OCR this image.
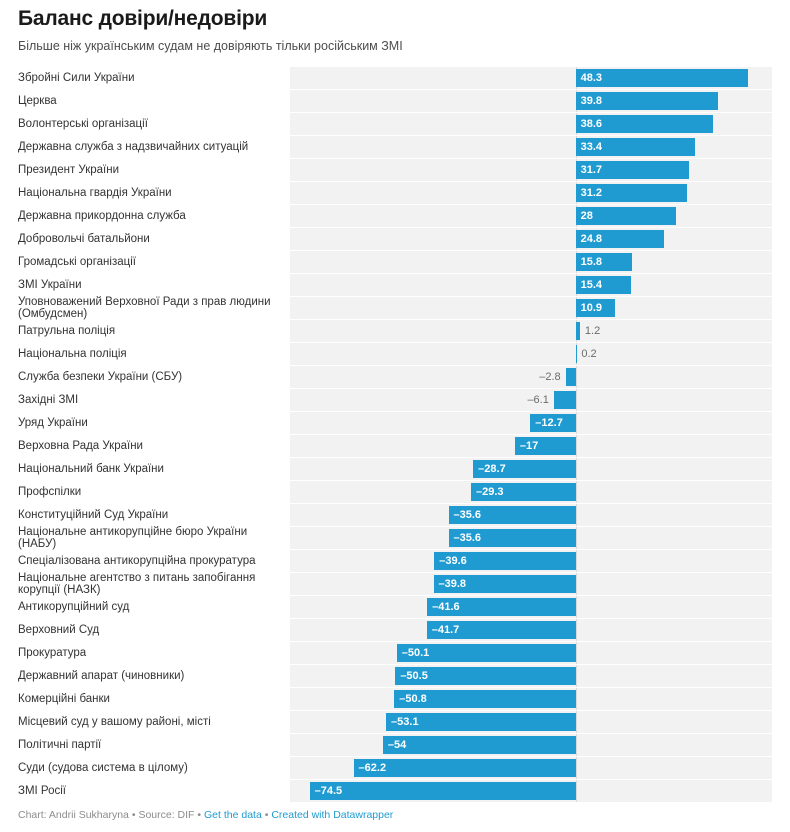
Баланс довіри/недовіри
Більше ніж українським судам не довіряють тільки російським ЗМІ
Збройні Сили України	48.3
Церква	39.8
Волонтерські організації	38.6
Державна служба з надзвичайних ситуацій	33.4
Президент України	31.7
Національна гвардія України	31.2
Державна прикордонна служба	28
Добровольчі батальйони	24.8
Громадські організації	15.8
ЗМІ України	15.4
Уповноважений Верховної Ради з прав людини (Омбудсмен)	10.9
Патрульна поліція	1.2
Національна поліція	0.2
Служба безпеки України (СБУ)	–2.8
Західні ЗМІ	–6.1
Уряд України	–12.7
Верховна Рада України	–17
Національний банк України	–28.7
Профспілки	–29.3
Конституційний Суд України	–35.6
Національне антикорупційне бюро України (НАБУ)	–35.6
Спеціалізована антикорупційна прокуратура	–39.6
Національне агентство з питань запобігання корупції (НАЗК)	–39.8
Антикорупційний суд	–41.6
Верховний Суд	–41.7
Прокуратура	–50.1
Державний апарат (чиновники)	–50.5
Комерційні банки	–50.8
Місцевий суд у вашому районі, місті	–53.1
Політичні партії	–54
Суди (судова система в цілому)	–62.2
ЗМІ Росії	–74.5
Chart: Andrii Sukharyna • Source: DIF • Get the data • Created with Datawrapper
